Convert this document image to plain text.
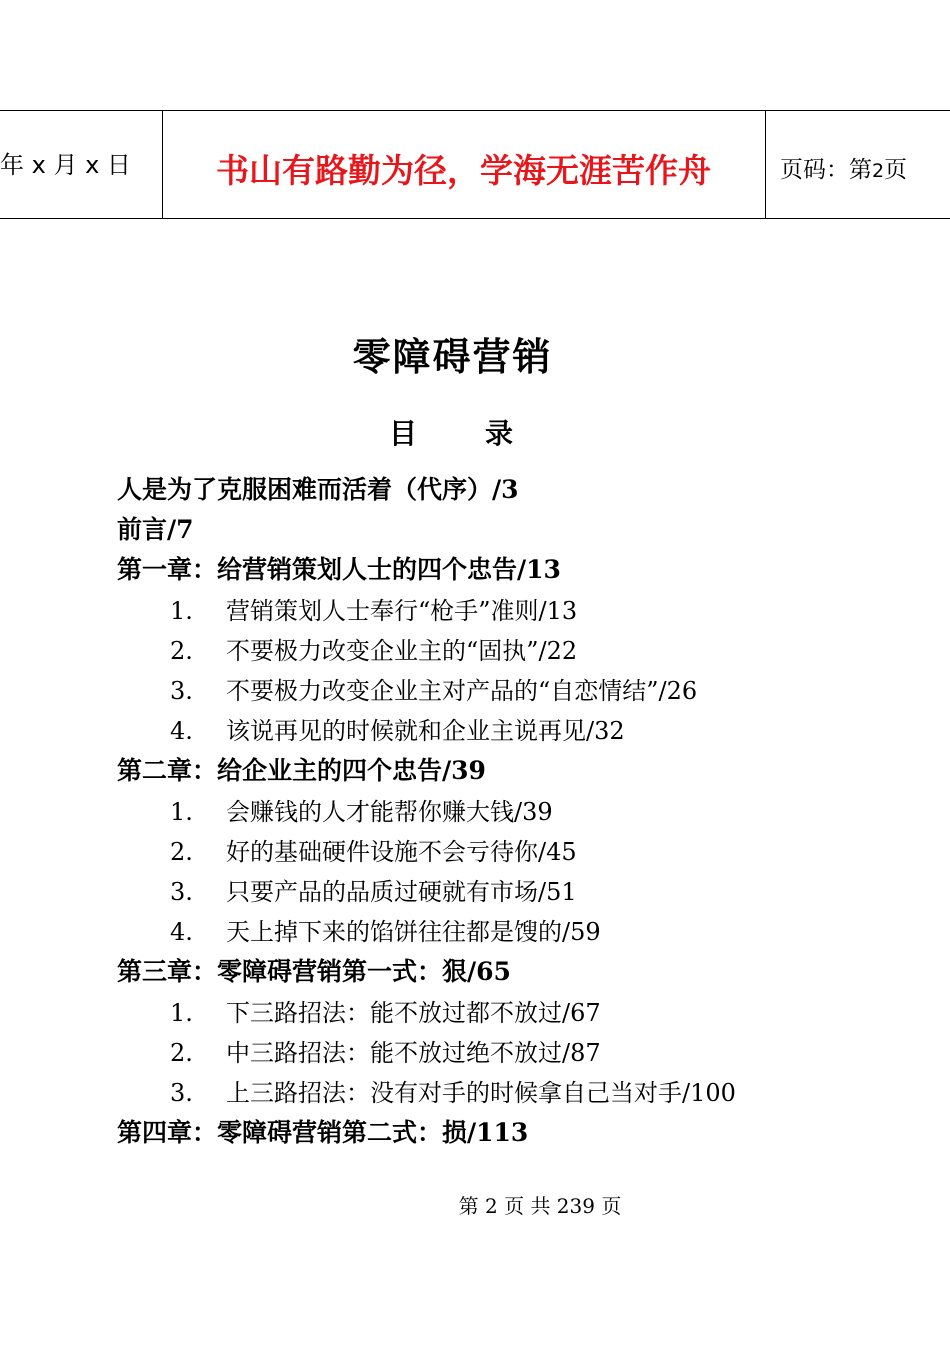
年 x 月 x 日	书山有路勤为径，学海无涯苦作舟	页码：第2页
零障碍营销
目 录
人是为了克服困难而活着（代序）/3
前言/7
第一章：给营销策划人士的四个忠告/13
1. 营销策划人士奉行“枪手”准则/13
2. 不要极力改变企业主的“固执”/22
3. 不要极力改变企业主对产品的“自恋情结”/26
4. 该说再见的时候就和企业主说再见/32
第二章：给企业主的四个忠告/39
1. 会赚钱的人才能帮你赚大钱/39
2. 好的基础硬件设施不会亏待你/45
3. 只要产品的品质过硬就有市场/51
4. 天上掉下来的馅饼往往都是馊的/59
第三章：零障碍营销第一式：狠/65
1. 下三路招法：能不放过都不放过/67
2. 中三路招法：能不放过绝不放过/87
3. 上三路招法：没有对手的时候拿自己当对手/100
第四章：零障碍营销第二式：损/113
第 2 页 共 239 页
